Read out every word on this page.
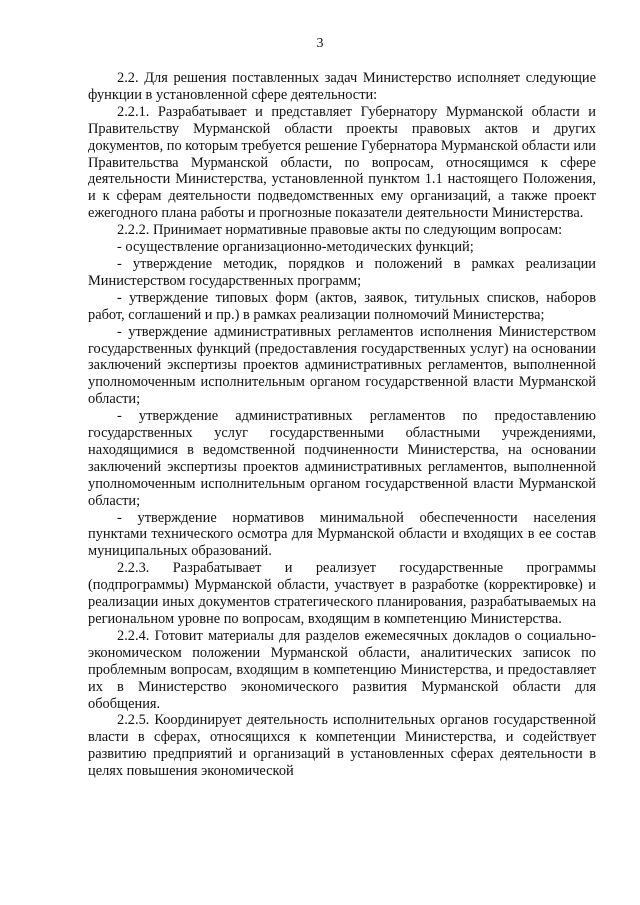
3

2.2. Для решения поставленных задач Министерство исполняет следующие функции в установленной сфере деятельности:

2.2.1. Разрабатывает и представляет Губернатору Мурманской области и Правительству Мурманской области проекты правовых актов и других документов, по которым требуется решение Губернатора Мурманской области или Правительства Мурманской области, по вопросам, относящимся к сфере деятельности Министерства, установленной пунктом 1.1 настоящего Положения, и к сферам деятельности подведомственных ему организаций, а также проект ежегодного плана работы и прогнозные показатели деятельности Министерства.

2.2.2. Принимает нормативные правовые акты по следующим вопросам:

- осуществление организационно-методических функций;

- утверждение методик, порядков и положений в рамках реализации Министерством государственных программ;

- утверждение типовых форм (актов, заявок, титульных списков, наборов работ, соглашений и пр.) в рамках реализации полномочий Министерства;

- утверждение административных регламентов исполнения Министерством государственных функций (предоставления государственных услуг) на основании заключений экспертизы проектов административных регламентов, выполненной уполномоченным исполнительным органом государственной власти Мурманской области;

- утверждение административных регламентов по предоставлению государственных услуг государственными областными учреждениями, находящимися в ведомственной подчиненности Министерства, на основании заключений экспертизы проектов административных регламентов, выполненной уполномоченным исполнительным органом государственной власти Мурманской области;

- утверждение нормативов минимальной обеспеченности населения пунктами технического осмотра для Мурманской области и входящих в ее состав муниципальных образований.

2.2.3. Разрабатывает и реализует государственные программы (подпрограммы) Мурманской области, участвует в разработке (корректировке) и реализации иных документов стратегического планирования, разрабатываемых на региональном уровне по вопросам, входящим в компетенцию Министерства.

2.2.4. Готовит материалы для разделов ежемесячных докладов о социально-экономическом положении Мурманской области, аналитических записок по проблемным вопросам, входящим в компетенцию Министерства, и предоставляет их в Министерство экономического развития Мурманской области для обобщения.

2.2.5. Координирует деятельность исполнительных органов государственной власти в сферах, относящихся к компетенции Министерства, и содействует развитию предприятий и организаций в установленных сферах деятельности в целях повышения экономической
